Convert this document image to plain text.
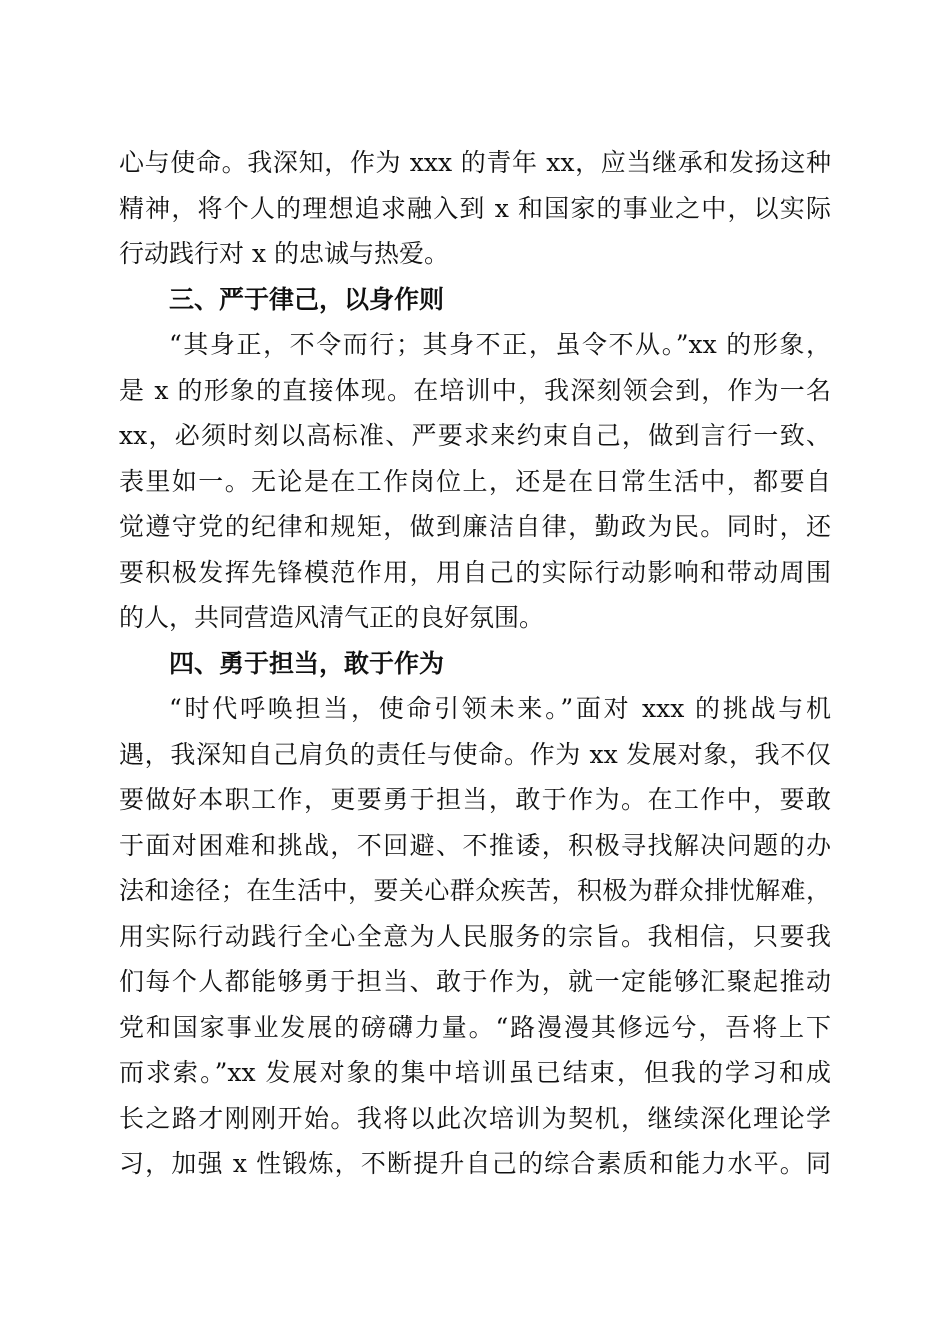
心与使命。我深知，作为 xxx 的青年 xx，应当继承和发扬这种
精神，将个人的理想追求融入到 x 和国家的事业之中，以实际
行动践行对 x 的忠诚与热爱。
三、严于律己，以身作则
“其身正，不令而行；其身不正，虽令不从。”xx 的形象，
是 x 的形象的直接体现。在培训中，我深刻领会到，作为一名
xx，必须时刻以高标准、严要求来约束自己，做到言行一致、
表里如一。无论是在工作岗位上，还是在日常生活中，都要自
觉遵守党的纪律和规矩，做到廉洁自律，勤政为民。同时，还
要积极发挥先锋模范作用，用自己的实际行动影响和带动周围
的人，共同营造风清气正的良好氛围。
四、勇于担当，敢于作为
“时代呼唤担当，使命引领未来。”面对 xxx 的挑战与机
遇，我深知自己肩负的责任与使命。作为 xx 发展对象，我不仅
要做好本职工作，更要勇于担当，敢于作为。在工作中，要敢
于面对困难和挑战，不回避、不推诿，积极寻找解决问题的办
法和途径；在生活中，要关心群众疾苦，积极为群众排忧解难，
用实际行动践行全心全意为人民服务的宗旨。我相信，只要我
们每个人都能够勇于担当、敢于作为，就一定能够汇聚起推动
党和国家事业发展的磅礴力量。“路漫漫其修远兮，吾将上下
而求索。”xx 发展对象的集中培训虽已结束，但我的学习和成
长之路才刚刚开始。我将以此次培训为契机，继续深化理论学
习，加强 x 性锻炼，不断提升自己的综合素质和能力水平。同
